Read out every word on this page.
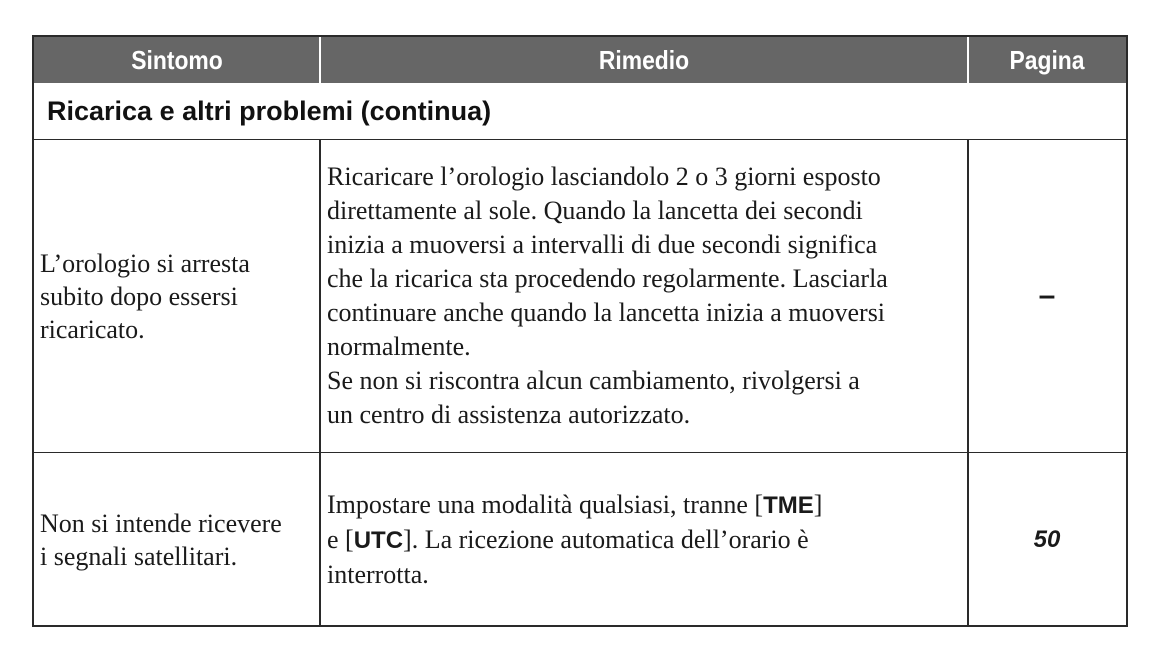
Sintomo	Rimedio	Pagina
Ricarica e altri problemi (continua)
L’orologio si arresta
subito dopo essersi
ricaricato.
Ricaricare l’orologio lasciandolo 2 o 3 giorni esposto
direttamente al sole. Quando la lancetta dei secondi
inizia a muoversi a intervalli di due secondi significa
che la ricarica sta procedendo regolarmente. Lasciarla
continuare anche quando la lancetta inizia a muoversi
normalmente.
Se non si riscontra alcun cambiamento, rivolgersi a
un centro di assistenza autorizzato.
–
Non si intende ricevere
i segnali satellitari.
Impostare una modalità qualsiasi, tranne [TME]
e [UTC]. La ricezione automatica dell’orario è
interrotta.
50
